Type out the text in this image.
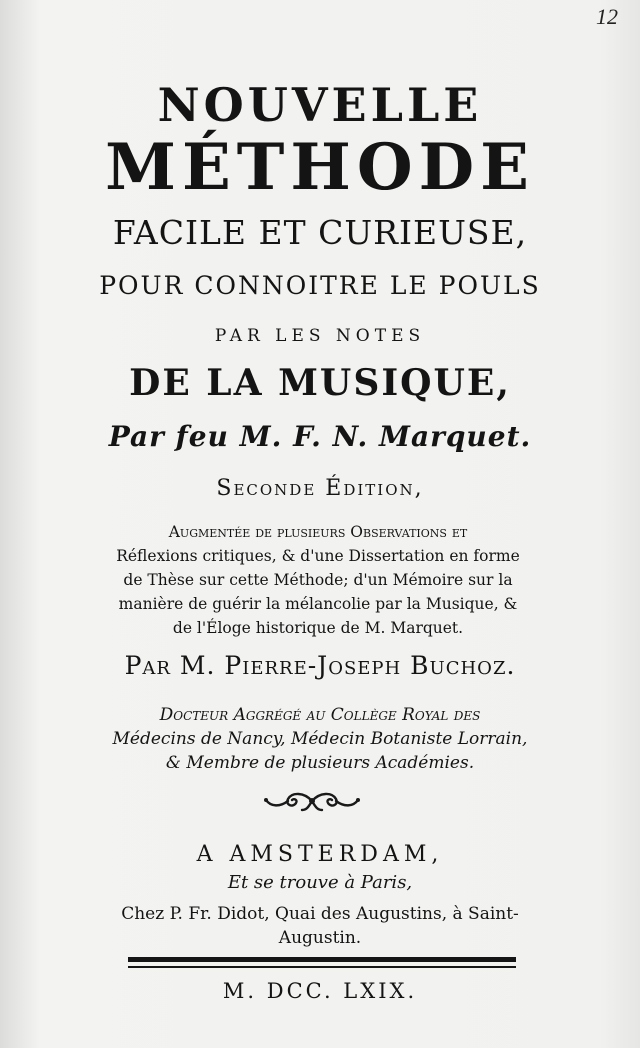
12
NOUVELLE
MÉTHODE
FACILE ET CURIEUSE,
POUR CONNOITRE LE POULS
PAR LES NOTES
DE LA MUSIQUE,
Par feu M. F. N. Marquet.
Seconde Édition,
Augmentée de plusieurs Observations et
Réflexions critiques, & d'une Dissertation en forme
de Thèse sur cette Méthode; d'un Mémoire sur la
manière de guérir la mélancolie par la Musique, &
de l'Éloge historique de M. Marquet.
Par M. Pierre-Joseph Buchoz.
Docteur Aggrégé au Collège Royal des
Médecins de Nancy, Médecin Botaniste Lorrain,
& Membre de plusieurs Académies.
A AMSTERDAM,
Et se trouve à Paris,
Chez P. Fr. Didot, Quai des Augustins, à Saint-
Augustin.
M. DCC. LXIX.
